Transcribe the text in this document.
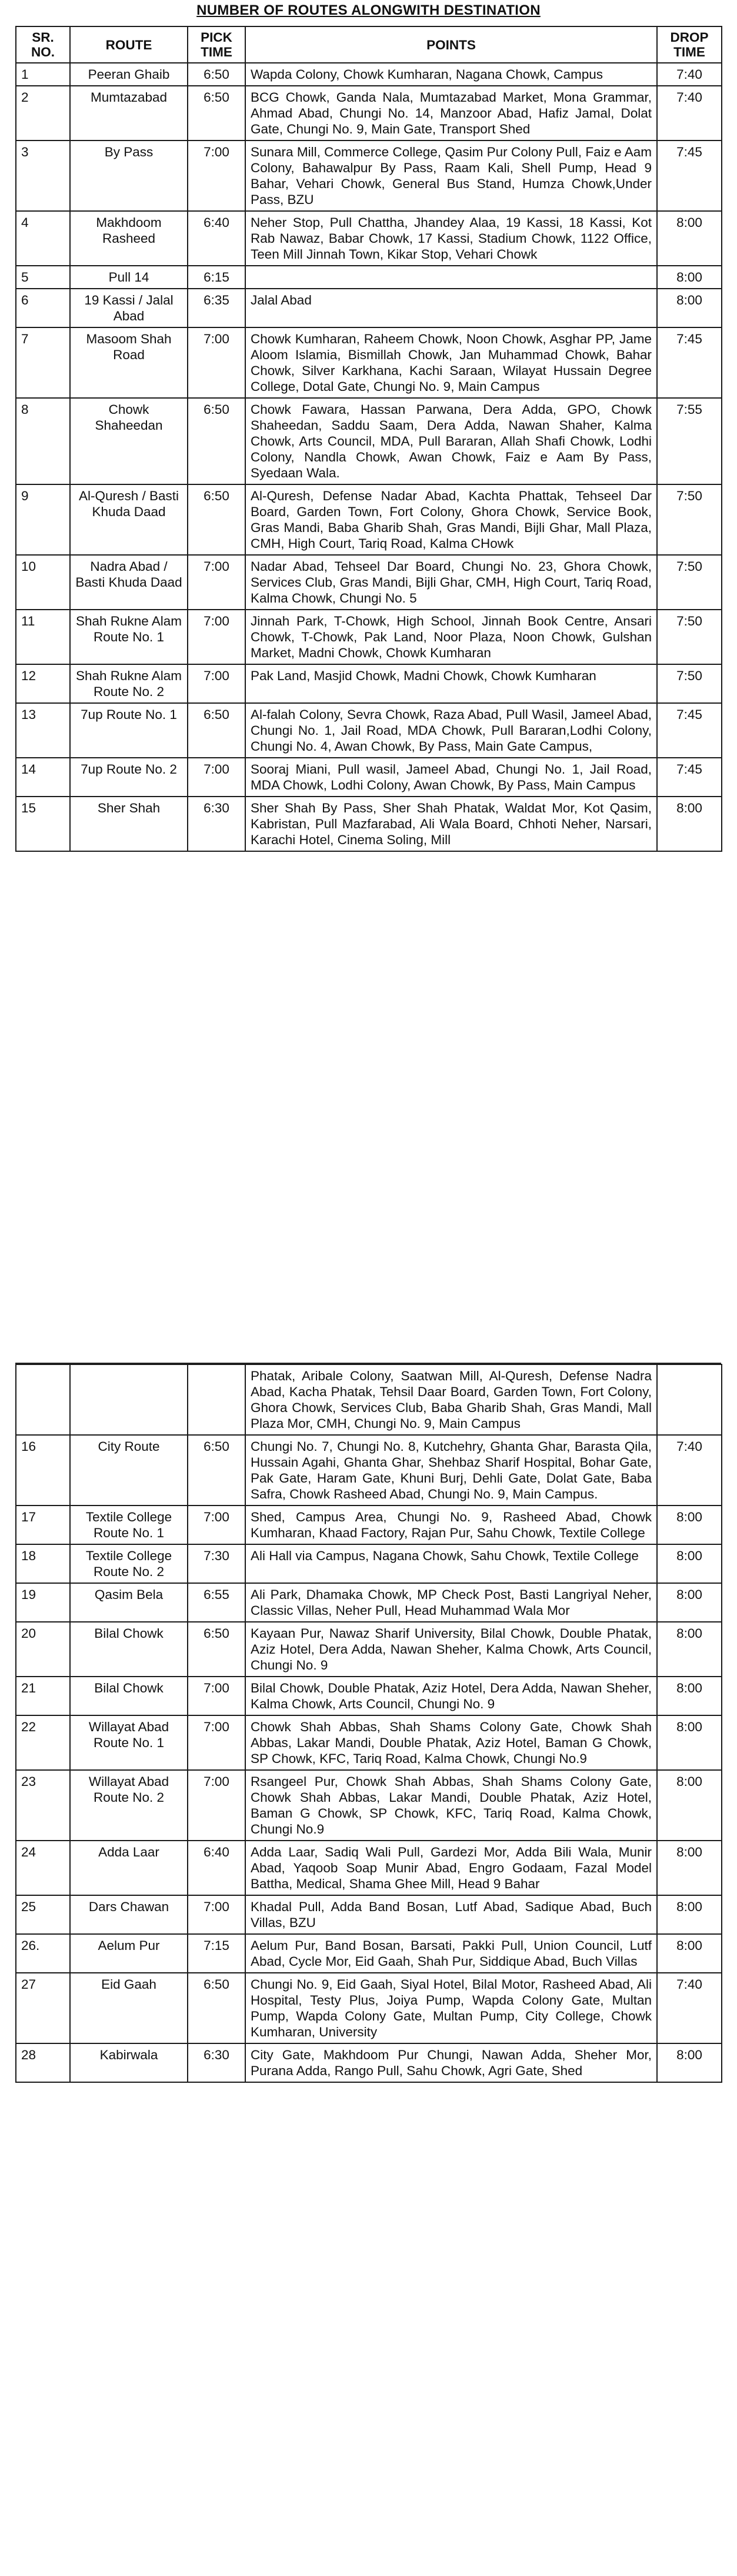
NUMBER OF ROUTES ALONGWITH DESTINATION
SR. NO.	ROUTE	PICK TIME	POINTS	DROP TIME
1	Peeran Ghaib	6:50	Wapda Colony, Chowk Kumharan, Nagana Chowk, Campus	7:40
2	Mumtazabad	6:50	BCG Chowk, Ganda Nala, Mumtazabad Market, Mona Grammar, Ahmad Abad, Chungi No. 14, Manzoor Abad, Hafiz Jamal, Dolat Gate, Chungi No. 9, Main Gate, Transport Shed	7:40
3	By Pass	7:00	Sunara Mill, Commerce College, Qasim Pur Colony Pull, Faiz e Aam Colony, Bahawalpur By Pass, Raam Kali, Shell Pump, Head 9 Bahar, Vehari Chowk, General Bus Stand, Humza Chowk,Under Pass, BZU	7:45
4	Makhdoom Rasheed	6:40	Neher Stop, Pull Chattha, Jhandey Alaa, 19 Kassi, 18 Kassi, Kot Rab Nawaz, Babar Chowk, 17 Kassi, Stadium Chowk, 1122 Office, Teen Mill Jinnah Town, Kikar Stop, Vehari Chowk	8:00
5	Pull 14	6:15		8:00
6	19 Kassi / Jalal Abad	6:35	Jalal Abad	8:00
7	Masoom Shah Road	7:00	Chowk Kumharan, Raheem Chowk, Noon Chowk, Asghar PP, Jame Aloom Islamia, Bismillah Chowk, Jan Muhammad Chowk, Bahar Chowk, Silver Karkhana, Kachi Saraan, Wilayat Hussain Degree College, Dotal Gate, Chungi No. 9, Main Campus	7:45
8	Chowk Shaheedan	6:50	Chowk Fawara, Hassan Parwana, Dera Adda, GPO, Chowk Shaheedan, Saddu Saam, Dera Adda, Nawan Shaher, Kalma Chowk, Arts Council, MDA, Pull Bararan, Allah Shafi Chowk, Lodhi Colony, Nandla Chowk, Awan Chowk, Faiz e Aam By Pass, Syedaan Wala.	7:55
9	Al-Quresh / Basti Khuda Daad	6:50	Al-Quresh, Defense Nadar Abad, Kachta Phattak, Tehseel Dar Board, Garden Town, Fort Colony, Ghora Chowk, Service Book, Gras Mandi, Baba Gharib Shah, Gras Mandi, Bijli Ghar, Mall Plaza, CMH, High Court, Tariq Road, Kalma CHowk	7:50
10	Nadra Abad / Basti Khuda Daad	7:00	Nadar Abad, Tehseel Dar Board, Chungi No. 23, Ghora Chowk, Services Club, Gras Mandi, Bijli Ghar, CMH, High Court, Tariq Road, Kalma Chowk, Chungi No. 5	7:50
11	Shah Rukne Alam Route No. 1	7:00	Jinnah Park, T-Chowk, High School, Jinnah Book Centre, Ansari Chowk, T-Chowk, Pak Land, Noor Plaza, Noon Chowk, Gulshan Market, Madni Chowk, Chowk Kumharan	7:50
12	Shah Rukne Alam Route No. 2	7:00	Pak Land, Masjid Chowk, Madni Chowk, Chowk Kumharan	7:50
13	7up Route No. 1	6:50	Al-falah Colony, Sevra Chowk, Raza Abad, Pull Wasil, Jameel Abad, Chungi No. 1, Jail Road, MDA Chowk, Pull Bararan,Lodhi Colony, Chungi No. 4, Awan Chowk, By Pass, Main Gate Campus,	7:45
14	7up Route No. 2	7:00	Sooraj Miani, Pull wasil, Jameel Abad, Chungi No. 1, Jail Road, MDA Chowk, Lodhi Colony, Awan Chowk, By Pass, Main Campus	7:45
15	Sher Shah	6:30	Sher Shah By Pass, Sher Shah Phatak, Waldat Mor, Kot Qasim, Kabristan, Pull Mazfarabad, Ali Wala Board, Chhoti Neher, Narsari, Karachi Hotel, Cinema Soling, Mill	8:00
			Phatak, Aribale Colony, Saatwan Mill, Al-Quresh, Defense Nadra Abad, Kacha Phatak, Tehsil Daar Board, Garden Town, Fort Colony, Ghora Chowk, Services Club, Baba Gharib Shah, Gras Mandi, Mall Plaza Mor, CMH, Chungi No. 9, Main Campus	
16	City Route	6:50	Chungi No. 7, Chungi No. 8, Kutchehry, Ghanta Ghar, Barasta Qila, Hussain Agahi, Ghanta Ghar, Shehbaz Sharif Hospital, Bohar Gate, Pak Gate, Haram Gate, Khuni Burj, Dehli Gate, Dolat Gate, Baba Safra, Chowk Rasheed Abad, Chungi No. 9, Main Campus.	7:40
17	Textile College Route No. 1	7:00	Shed, Campus Area, Chungi No. 9, Rasheed Abad, Chowk Kumharan, Khaad Factory, Rajan Pur, Sahu Chowk, Textile College	8:00
18	Textile College Route No. 2	7:30	Ali Hall via Campus, Nagana Chowk, Sahu Chowk, Textile College	8:00
19	Qasim Bela	6:55	Ali Park, Dhamaka Chowk, MP Check Post, Basti Langriyal Neher, Classic Villas, Neher Pull, Head Muhammad Wala Mor	8:00
20	Bilal Chowk	6:50	Kayaan Pur, Nawaz Sharif University, Bilal Chowk, Double Phatak, Aziz Hotel, Dera Adda, Nawan Sheher, Kalma Chowk, Arts Council, Chungi No. 9	8:00
21	Bilal Chowk	7:00	Bilal Chowk, Double Phatak, Aziz Hotel, Dera Adda, Nawan Sheher, Kalma Chowk, Arts Council, Chungi No. 9	8:00
22	Willayat Abad Route No. 1	7:00	Chowk Shah Abbas, Shah Shams Colony Gate, Chowk Shah Abbas, Lakar Mandi, Double Phatak, Aziz Hotel, Baman G Chowk, SP Chowk, KFC, Tariq Road, Kalma Chowk, Chungi No.9	8:00
23	Willayat Abad Route No. 2	7:00	Rsangeel Pur, Chowk Shah Abbas, Shah Shams Colony Gate, Chowk Shah Abbas, Lakar Mandi, Double Phatak, Aziz Hotel, Baman G Chowk, SP Chowk, KFC, Tariq Road, Kalma Chowk, Chungi No.9	8:00
24	Adda Laar	6:40	Adda Laar, Sadiq Wali Pull, Gardezi Mor, Adda Bili Wala, Munir Abad, Yaqoob Soap Munir Abad, Engro Godaam, Fazal Model Battha, Medical, Shama Ghee Mill, Head 9 Bahar	8:00
25	Dars Chawan	7:00	Khadal Pull, Adda Band Bosan, Lutf Abad, Sadique Abad, Buch Villas, BZU	8:00
26.	Aelum Pur	7:15	Aelum Pur, Band Bosan, Barsati, Pakki Pull, Union Council, Lutf Abad, Cycle Mor, Eid Gaah, Shah Pur, Siddique Abad, Buch Villas	8:00
27	Eid Gaah	6:50	Chungi No. 9, Eid Gaah, Siyal Hotel, Bilal Motor, Rasheed Abad, Ali Hospital, Testy Plus, Joiya Pump, Wapda Colony Gate, Multan Pump, Wapda Colony Gate, Multan Pump, City College, Chowk Kumharan, University	7:40
28	Kabirwala	6:30	City Gate, Makhdoom Pur Chungi, Nawan Adda, Sheher Mor, Purana Adda, Rango Pull, Sahu Chowk, Agri Gate, Shed	8:00
